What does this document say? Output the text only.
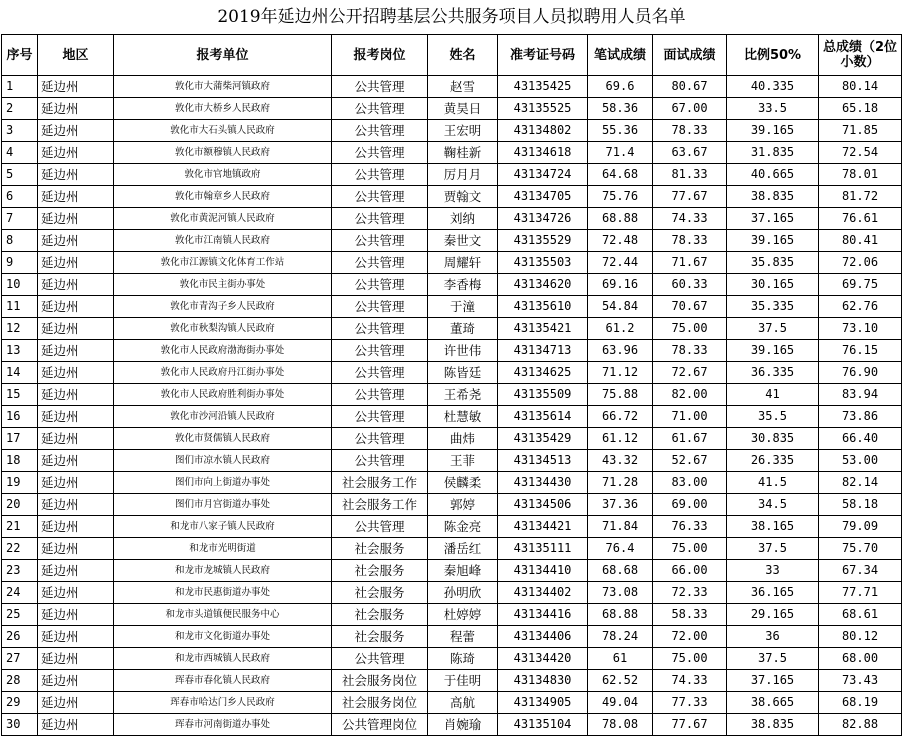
2019年延边州公开招聘基层公共服务项目人员拟聘用人员名单
序号	地区	报考单位	报考岗位	姓名	准考证号码	笔试成绩	面试成绩	比例50%	总成绩（2位小数）
1	延边州	敦化市大蒲柴河镇政府	公共管理	赵雪	43135425	69.6	80.67	40.335	80.14
2	延边州	敦化市大桥乡人民政府	公共管理	黄昊日	43135525	58.36	67.00	33.5	65.18
3	延边州	敦化市大石头镇人民政府	公共管理	王宏明	43134802	55.36	78.33	39.165	71.85
4	延边州	敦化市额穆镇人民政府	公共管理	鞠桂新	43134618	71.4	63.67	31.835	72.54
5	延边州	敦化市官地镇政府	公共管理	厉月月	43134724	64.68	81.33	40.665	78.01
6	延边州	敦化市翰章乡人民政府	公共管理	贾翰文	43134705	75.76	77.67	38.835	81.72
7	延边州	敦化市黄泥河镇人民政府	公共管理	刘纳	43134726	68.88	74.33	37.165	76.61
8	延边州	敦化市江南镇人民政府	公共管理	秦世文	43135529	72.48	78.33	39.165	80.41
9	延边州	敦化市江源镇文化体育工作站	公共管理	周耀轩	43135503	72.44	71.67	35.835	72.06
10	延边州	敦化市民主街办事处	公共管理	李香梅	43134620	69.16	60.33	30.165	69.75
11	延边州	敦化市青沟子乡人民政府	公共管理	于潼	43135610	54.84	70.67	35.335	62.76
12	延边州	敦化市秋梨沟镇人民政府	公共管理	董琦	43135421	61.2	75.00	37.5	73.10
13	延边州	敦化市人民政府渤海街办事处	公共管理	许世伟	43134713	63.96	78.33	39.165	76.15
14	延边州	敦化市人民政府丹江街办事处	公共管理	陈皆廷	43134625	71.12	72.67	36.335	76.90
15	延边州	敦化市人民政府胜利街办事处	公共管理	王希尧	43135509	75.88	82.00	41	83.94
16	延边州	敦化市沙河沿镇人民政府	公共管理	杜慧敏	43135614	66.72	71.00	35.5	73.86
17	延边州	敦化市贤儒镇人民政府	公共管理	曲炜	43135429	61.12	61.67	30.835	66.40
18	延边州	图们市凉水镇人民政府	公共管理	王菲	43134513	43.32	52.67	26.335	53.00
19	延边州	图们市向上街道办事处	社会服务工作	侯麟柔	43134430	71.28	83.00	41.5	82.14
20	延边州	图们市月宫街道办事处	社会服务工作	郭婷	43134506	37.36	69.00	34.5	58.18
21	延边州	和龙市八家子镇人民政府	公共管理	陈金亮	43134421	71.84	76.33	38.165	79.09
22	延边州	和龙市光明街道	社会服务	潘岳红	43135111	76.4	75.00	37.5	75.70
23	延边州	和龙市龙城镇人民政府	社会服务	秦旭峰	43134410	68.68	66.00	33	67.34
24	延边州	和龙市民惠街道办事处	社会服务	孙明欣	43134402	73.08	72.33	36.165	77.71
25	延边州	和龙市头道镇便民服务中心	社会服务	杜婷婷	43134416	68.88	58.33	29.165	68.61
26	延边州	和龙市文化街道办事处	社会服务	程蕾	43134406	78.24	72.00	36	80.12
27	延边州	和龙市西城镇人民政府	公共管理	陈琦	43134420	61	75.00	37.5	68.00
28	延边州	珲春市春化镇人民政府	社会服务岗位	于佳明	43134830	62.52	74.33	37.165	73.43
29	延边州	珲春市哈达门乡人民政府	社会服务岗位	高航	43134905	49.04	77.33	38.665	68.19
30	延边州	珲春市河南街道办事处	公共管理岗位	肖婉瑜	43135104	78.08	77.67	38.835	82.88
